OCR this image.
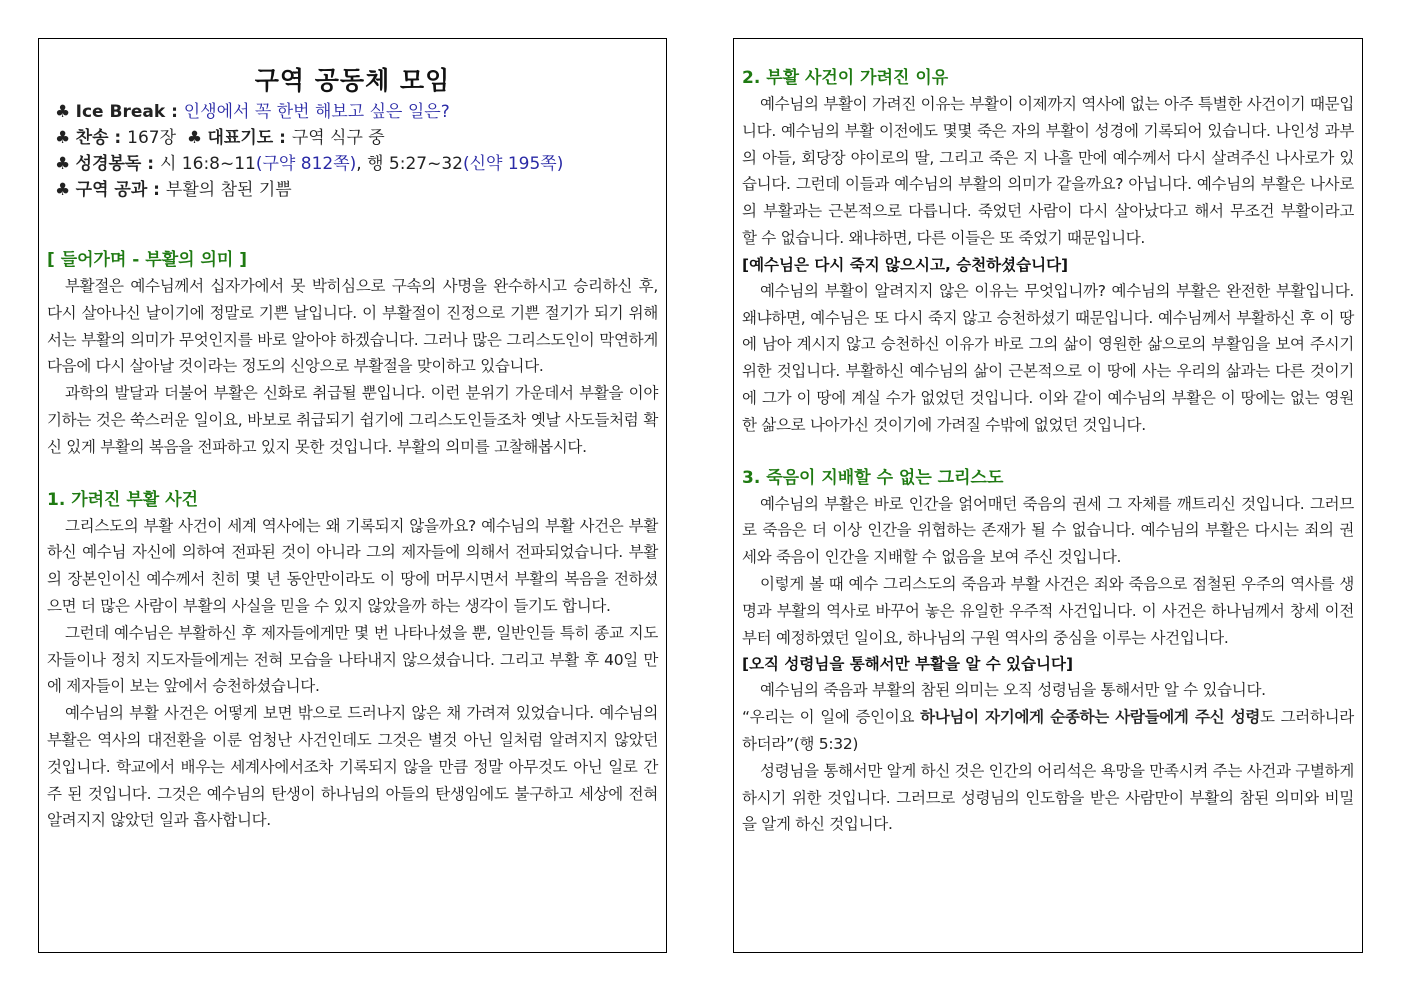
구역 공동체 모임
♣ Ice Break : 인생에서 꼭 한번 해보고 싶은 일은?
♣ 찬송 : 167장 ♣ 대표기도 : 구역 식구 중
♣ 성경봉독 : 시 16:8~11(구약 812쪽), 행 5:27~32(신약 195쪽)
♣ 구역 공과 : 부활의 참된 기쁨
[ 들어가며 - 부활의 의미 ]

부활절은 예수님께서 십자가에서 못 박히심으로 구속의 사명을 완수하시고 승리하신 후, 다시 살아나신 날이기에 정말로 기쁜 날입니다. 이 부활절이 진정으로 기쁜 절기가 되기 위해서는 부활의 의미가 무엇인지를 바로 알아야 하겠습니다. 그러나 많은 그리스도인이 막연하게 다음에 다시 살아날 것이라는 정도의 신앙으로 부활절을 맞이하고 있습니다.

과학의 발달과 더불어 부활은 신화로 취급될 뿐입니다. 이런 분위기 가운데서 부활을 이야기하는 것은 쑥스러운 일이요, 바보로 취급되기 쉽기에 그리스도인들조차 옛날 사도들처럼 확신 있게 부활의 복음을 전파하고 있지 못한 것입니다. 부활의 의미를 고찰해봅시다.

1. 가려진 부활 사건

그리스도의 부활 사건이 세계 역사에는 왜 기록되지 않을까요? 예수님의 부활 사건은 부활하신 예수님 자신에 의하여 전파된 것이 아니라 그의 제자들에 의해서 전파되었습니다. 부활의 장본인이신 예수께서 친히 몇 년 동안만이라도 이 땅에 머무시면서 부활의 복음을 전하셨으면 더 많은 사람이 부활의 사실을 믿을 수 있지 않았을까 하는 생각이 들기도 합니다.

그런데 예수님은 부활하신 후 제자들에게만 몇 번 나타나셨을 뿐, 일반인들 특히 종교 지도자들이나 정치 지도자들에게는 전혀 모습을 나타내지 않으셨습니다. 그리고 부활 후 40일 만에 제자들이 보는 앞에서 승천하셨습니다.

예수님의 부활 사건은 어떻게 보면 밖으로 드러나지 않은 채 가려져 있었습니다. 예수님의 부활은 역사의 대전환을 이룬 엄청난 사건인데도 그것은 별것 아닌 일처럼 알려지지 않았던 것입니다. 학교에서 배우는 세계사에서조차 기록되지 않을 만큼 정말 아무것도 아닌 일로 간주 된 것입니다. 그것은 예수님의 탄생이 하나님의 아들의 탄생임에도 불구하고 세상에 전혀 알려지지 않았던 일과 흡사합니다.

2. 부활 사건이 가려진 이유

예수님의 부활이 가려진 이유는 부활이 이제까지 역사에 없는 아주 특별한 사건이기 때문입니다. 예수님의 부활 이전에도 몇몇 죽은 자의 부활이 성경에 기록되어 있습니다. 나인성 과부의 아들, 회당장 야이로의 딸, 그리고 죽은 지 나흘 만에 예수께서 다시 살려주신 나사로가 있습니다. 그런데 이들과 예수님의 부활의 의미가 같을까요? 아닙니다. 예수님의 부활은 나사로의 부활과는 근본적으로 다릅니다. 죽었던 사람이 다시 살아났다고 해서 무조건 부활이라고 할 수 없습니다. 왜냐하면, 다른 이들은 또 죽었기 때문입니다.

[예수님은 다시 죽지 않으시고, 승천하셨습니다]

예수님의 부활이 알려지지 않은 이유는 무엇입니까? 예수님의 부활은 완전한 부활입니다. 왜냐하면, 예수님은 또 다시 죽지 않고 승천하셨기 때문입니다. 예수님께서 부활하신 후 이 땅에 남아 계시지 않고 승천하신 이유가 바로 그의 삶이 영원한 삶으로의 부활임을 보여 주시기 위한 것입니다. 부활하신 예수님의 삶이 근본적으로 이 땅에 사는 우리의 삶과는 다른 것이기에 그가 이 땅에 계실 수가 없었던 것입니다. 이와 같이 예수님의 부활은 이 땅에는 없는 영원한 삶으로 나아가신 것이기에 가려질 수밖에 없었던 것입니다.

3. 죽음이 지배할 수 없는 그리스도

예수님의 부활은 바로 인간을 얽어매던 죽음의 권세 그 자체를 깨트리신 것입니다. 그러므로 죽음은 더 이상 인간을 위협하는 존재가 될 수 없습니다. 예수님의 부활은 다시는 죄의 권세와 죽음이 인간을 지배할 수 없음을 보여 주신 것입니다.

이렇게 볼 때 예수 그리스도의 죽음과 부활 사건은 죄와 죽음으로 점철된 우주의 역사를 생명과 부활의 역사로 바꾸어 놓은 유일한 우주적 사건입니다. 이 사건은 하나님께서 창세 이전부터 예정하였던 일이요, 하나님의 구원 역사의 중심을 이루는 사건입니다.

[오직 성령님을 통해서만 부활을 알 수 있습니다]

예수님의 죽음과 부활의 참된 의미는 오직 성령님을 통해서만 알 수 있습니다.

“우리는 이 일에 증인이요 하나님이 자기에게 순종하는 사람들에게 주신 성령도 그러하니라 하더라”(행 5:32)

성령님을 통해서만 알게 하신 것은 인간의 어리석은 욕망을 만족시켜 주는 사건과 구별하게 하시기 위한 것입니다. 그러므로 성령님의 인도함을 받은 사람만이 부활의 참된 의미와 비밀을 알게 하신 것입니다.
